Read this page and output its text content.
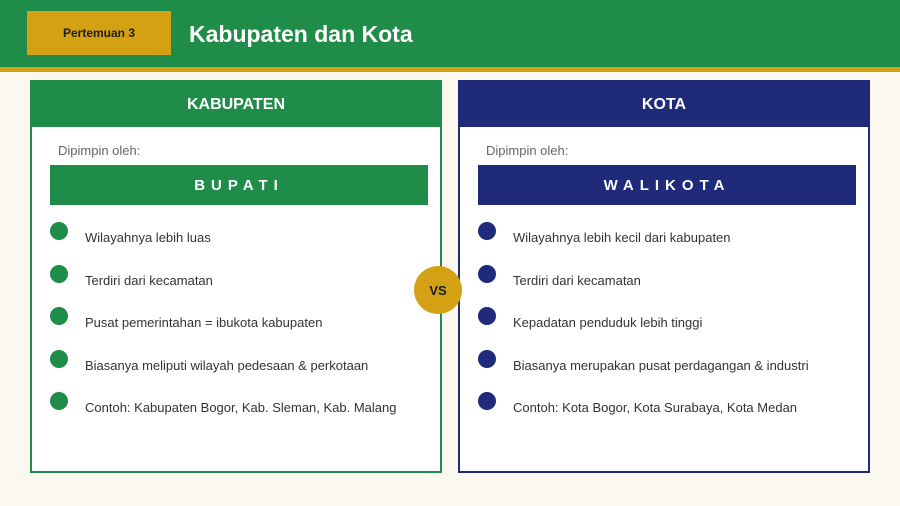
Pertemuan 3	Kabupaten dan Kota
KABUPATEN
Dipimpin oleh:
BUPATI
Wilayahnya lebih luas
Terdiri dari kecamatan
Pusat pemerintahan = ibukota kabupaten
Biasanya meliputi wilayah pedesaan & perkotaan
Contoh: Kabupaten Bogor, Kab. Sleman, Kab. Malang
KOTA
Dipimpin oleh:
WALIKOTA
Wilayahnya lebih kecil dari kabupaten
Terdiri dari kecamatan
Kepadatan penduduk lebih tinggi
Biasanya merupakan pusat perdagangan & industri
Contoh: Kota Bogor, Kota Surabaya, Kota Medan
VS
